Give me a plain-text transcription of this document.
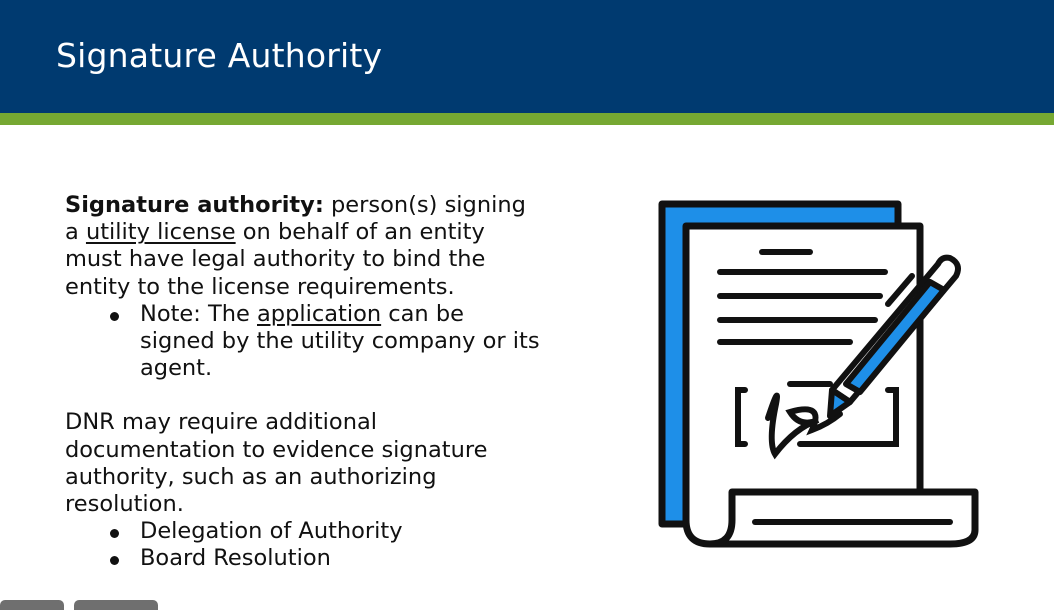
Signature Authority

Signature authority: person(s) signing a utility license on behalf of an entity must have legal authority to bind the entity to the license requirements.

Note: The application can be signed by the utility company or its agent.

DNR may require additional documentation to evidence signature authority, such as an authorizing resolution.

Delegation of Authority
Board Resolution
